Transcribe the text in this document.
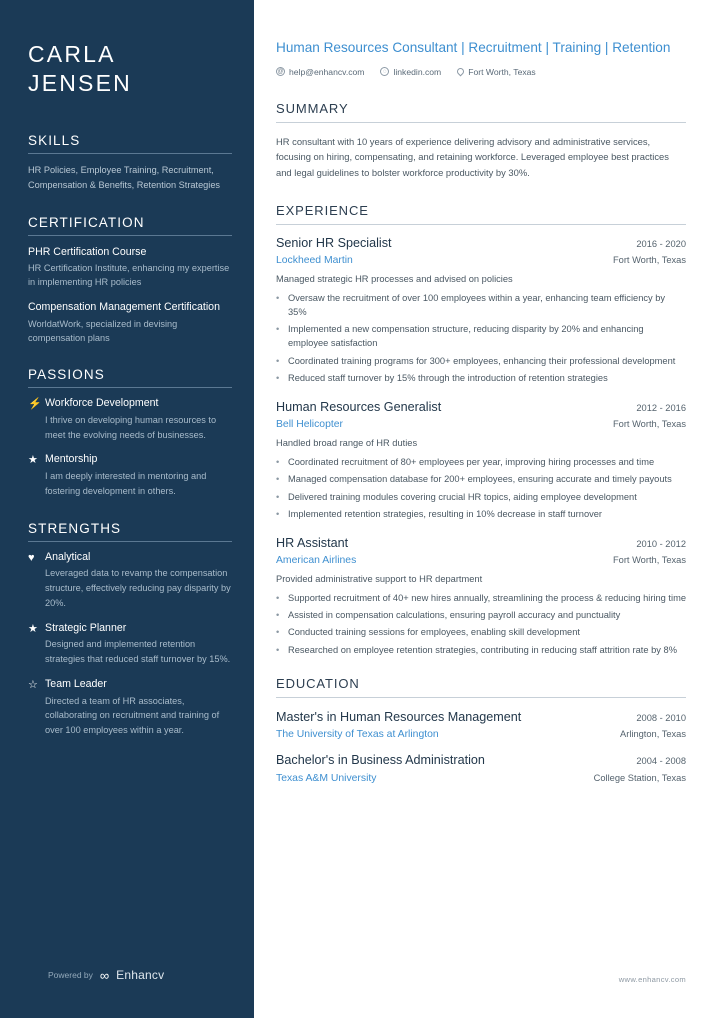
CARLA
JENSEN
SKILLS
HR Policies, Employee Training, Recruitment, Compensation & Benefits, Retention Strategies
CERTIFICATION
PHR Certification Course
HR Certification Institute, enhancing my expertise in implementing HR policies
Compensation Management Certification
WorldatWork, specialized in devising compensation plans
PASSIONS
⚡ Workforce Development
I thrive on developing human resources to meet the evolving needs of businesses.
★ Mentorship
I am deeply interested in mentoring and fostering development in others.
STRENGTHS
♥ Analytical
Leveraged data to revamp the compensation structure, effectively reducing pay disparity by 20%.
★ Strategic Planner
Designed and implemented retention strategies that reduced staff turnover by 15%.
☆ Team Leader
Directed a team of HR associates, collaborating on recruitment and training of over 100 employees within a year.
Powered by ∞ Enhancv
Human Resources Consultant | Recruitment | Training | Retention
@ help@enhancv.com	◌ linkedin.com	Fort Worth, Texas
SUMMARY
HR consultant with 10 years of experience delivering advisory and administrative services, focusing on hiring, compensating, and retaining workforce. Leveraged employee best practices and legal guidelines to bolster workforce productivity by 30%.
EXPERIENCE
Senior HR Specialist	2016 - 2020
Lockheed Martin	Fort Worth, Texas
Managed strategic HR processes and advised on policies
• Oversaw the recruitment of over 100 employees within a year, enhancing team efficiency by 35%
• Implemented a new compensation structure, reducing disparity by 20% and enhancing employee satisfaction
• Coordinated training programs for 300+ employees, enhancing their professional development
• Reduced staff turnover by 15% through the introduction of retention strategies
Human Resources Generalist	2012 - 2016
Bell Helicopter	Fort Worth, Texas
Handled broad range of HR duties
• Coordinated recruitment of 80+ employees per year, improving hiring processes and time
• Managed compensation database for 200+ employees, ensuring accurate and timely payouts
• Delivered training modules covering crucial HR topics, aiding employee development
• Implemented retention strategies, resulting in 10% decrease in staff turnover
HR Assistant	2010 - 2012
American Airlines	Fort Worth, Texas
Provided administrative support to HR department
• Supported recruitment of 40+ new hires annually, streamlining the process & reducing hiring time
• Assisted in compensation calculations, ensuring payroll accuracy and punctuality
• Conducted training sessions for employees, enabling skill development
• Researched on employee retention strategies, contributing in reducing staff attrition rate by 8%
EDUCATION
Master's in Human Resources Management	2008 - 2010
The University of Texas at Arlington	Arlington, Texas
Bachelor's in Business Administration	2004 - 2008
Texas A&M University	College Station, Texas
www.enhancv.com
